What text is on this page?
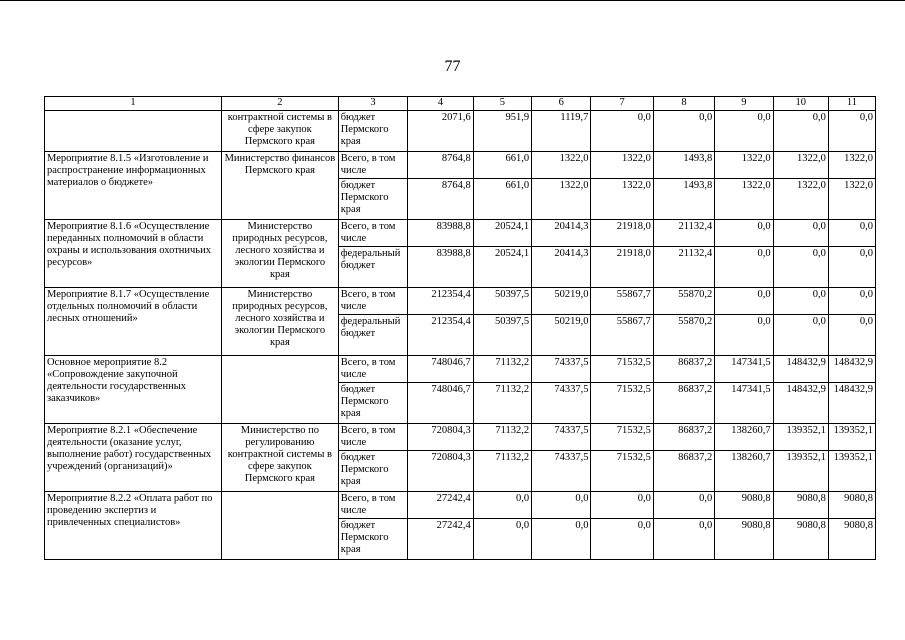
77
1	2	3	4	5	6	7	8	9	10	11
	контрактной системы в сфере закупок Пермского края	бюджет Пермского края	2071,6	951,9	1119,7	0,0	0,0	0,0	0,0	0,0
Мероприятие 8.1.5 «Изготовление и распространение информационных материалов о бюджете»	Министерство финансов Пермского края	Всего, в том числе	8764,8	661,0	1322,0	1322,0	1493,8	1322,0	1322,0	1322,0
		бюджет Пермского края	8764,8	661,0	1322,0	1322,0	1493,8	1322,0	1322,0	1322,0
Мероприятие 8.1.6 «Осуществление переданных полномочий в области охраны и использования охотничьих ресурсов»	Министерство природных ресурсов, лесного хозяйства и экологии Пермского края	Всего, в том числе	83988,8	20524,1	20414,3	21918,0	21132,4	0,0	0,0	0,0
		федеральный бюджет	83988,8	20524,1	20414,3	21918,0	21132,4	0,0	0,0	0,0
Мероприятие 8.1.7 «Осуществление отдельных полномочий в области лесных отношений»	Министерство природных ресурсов, лесного хозяйства и экологии Пермского края	Всего, в том числе	212354,4	50397,5	50219,0	55867,7	55870,2	0,0	0,0	0,0
		федеральный бюджет	212354,4	50397,5	50219,0	55867,7	55870,2	0,0	0,0	0,0
Основное мероприятие 8.2 «Сопровождение закупочной деятельности государственных заказчиков»		Всего, в том числе	748046,7	71132,2	74337,5	71532,5	86837,2	147341,5	148432,9	148432,9
		бюджет Пермского края	748046,7	71132,2	74337,5	71532,5	86837,2	147341,5	148432,9	148432,9
Мероприятие 8.2.1 «Обеспечение деятельности (оказание услуг, выполнение работ) государственных учреждений (организаций)»	Министерство по регулированию контрактной системы в сфере закупок Пермского края	Всего, в том числе	720804,3	71132,2	74337,5	71532,5	86837,2	138260,7	139352,1	139352,1
		бюджет Пермского края	720804,3	71132,2	74337,5	71532,5	86837,2	138260,7	139352,1	139352,1
Мероприятие 8.2.2 «Оплата работ по проведению экспертиз и привлеченных специалистов»		Всего, в том числе	27242,4	0,0	0,0	0,0	0,0	9080,8	9080,8	9080,8
		бюджет Пермского края	27242,4	0,0	0,0	0,0	0,0	9080,8	9080,8	9080,8
